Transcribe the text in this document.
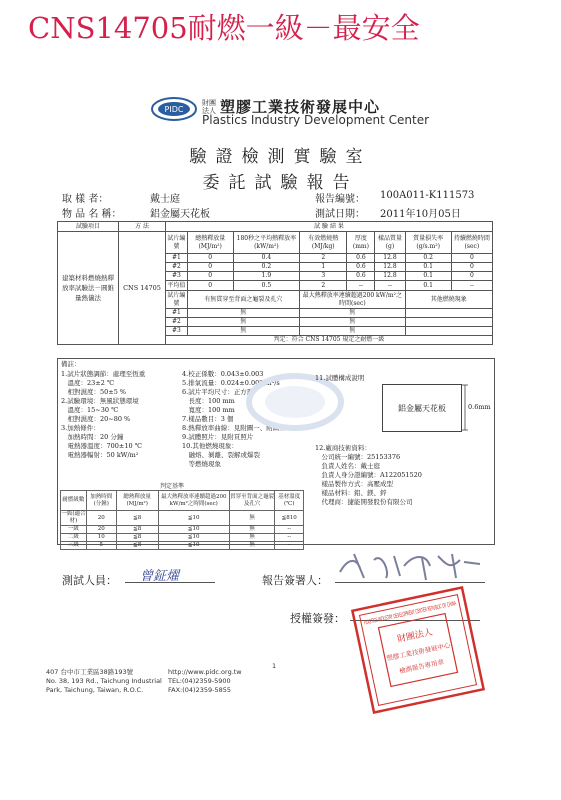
CNS14705耐燃一級－最安全
PIDC
財團法人 塑膠工業技術發展中心
Plastics Industry Development Center
驗證檢測實驗室
委託試驗報告
取 樣 者：	戴士庭	報告編號： 100A011-K111573
物 品 名 稱：	鋁金屬天花板	測試日期： 2011年10月05日
試驗項目	方 法	試 驗 結 果							
建築材料燃燒熱釋放率試驗法－圓錐量熱儀法	CNS 14705	試片編號	總熱釋放量(MJ/m²)	180秒之平均熱釋放率(kW/m²)	有效燃燒熱(MJ/kg)	厚度(mm)	樣品質量(g)	質量損失率(g/s.m²)	持續燃燒時間(sec)
		#1	0	0.4	2	0.6	12.8	0.2	0
		#2	0	0.2	1	0.6	12.8	0.1	0
		#3	0	1.9	3	0.6	12.8	0.1	0
		平均值	0	0.5	2	--	--	0.1	--
		試片編號	有無貫穿至背面之龜裂及孔穴		最大熱釋放率連續超過200 kW/m²之時間(sec)			其他燃燒現象	
		#1	無		無				
		#2	無		無				
		#3	無		無				
		判定：符合 CNS 14705 規定之耐燃一級							
備註：
1.試片狀態調節：處理至恆重
　溫度：23±2 ℃
　相對濕度：50±5 %
2.試驗環境：無風狀態環境
　溫度：15~30 ℃
　相對濕度：20~80 %
3.加熱條件：
　加熱時間：20 分鐘
　電熱器溫度：700±10 ℃
　電熱器輻射：50 kW/m²
4.校正係數：0.043±0.003
5.排氣流量：0.024±0.002 m³/s
6.試片平均尺寸：正方形
　長度：100 mm
　寬度：100 mm
7.樣品數目：3 個
8.熱釋放率曲線：見附圖一、附圖三
9.試體照片：見附頁照片
10.其他燃燒現象：
　融熔、剝離、裂解或爆裂
　等燃燒現象
11.試體構成說明
鋁金屬天花板	0.6mm
12.廠商技術資料：
　公司統一編號：25153376
　負責人姓名：戴士庭
　負責人身分證編號：A122051520
　樣品製作方式：高壓成型
　樣品材料：鋁、鎂、鋅
　代理商：捷能開發股份有限公司
判定基準
耐燃級數	加熱時間(分鐘)	總熱釋放量(MJ/m²)	最大熱釋放率連續超過200 kW/m²之時間(sec)	貫穿至背面之龜裂及孔穴	基材溫度(℃)
一級(適合材)	20	≦8	≦10	無	≦810
一級	20	≦8	≦10	無	--
二級	10	≦8	≦10	無	--
三級	5	≦8	≦10	無	--
測試人員： 曾鉦燿	報告簽署人：
授權簽發：
財團法人
塑膠工業技術發展中心
檢測報告專用章
PLASTICS INDUSTRY DEVELOPMENT CENTER REPUBLIC OF CHINA
407 台中市工業區38路193號
No. 38, 193 Rd., Taichung Industrial
Park, Taichung, Taiwan, R.O.C.
http://www.pidc.org.tw
TEL:(04)2359-5900
FAX:(04)2359-5855
1
